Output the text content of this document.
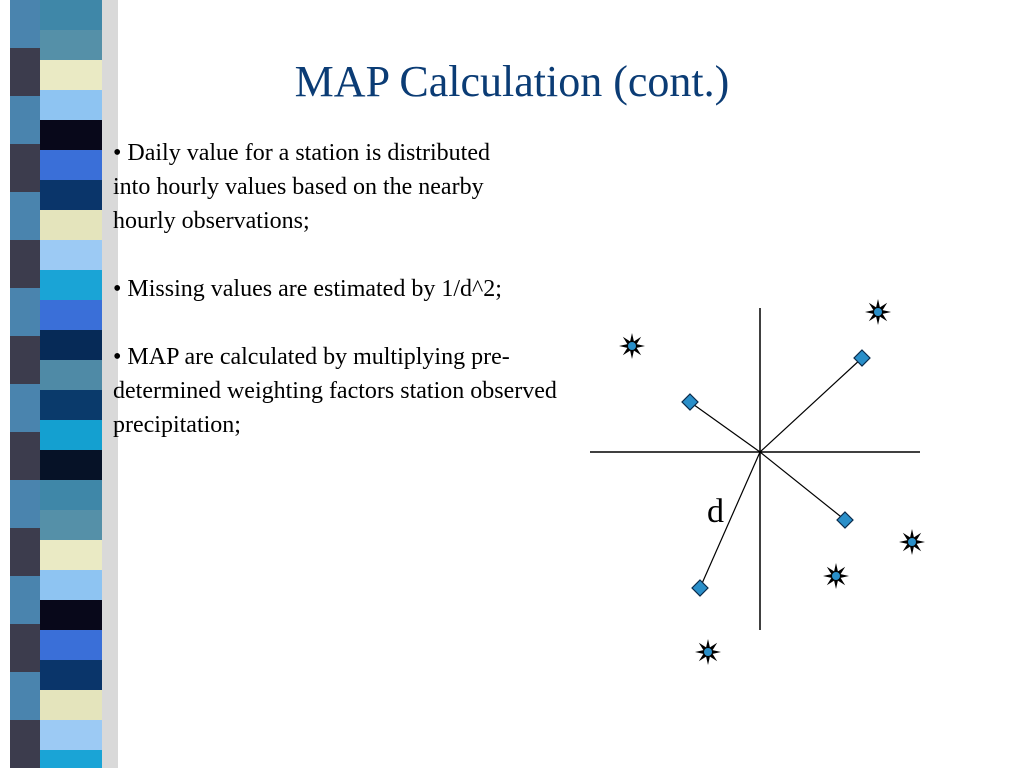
MAP Calculation (cont.)
• Daily value for a station is distributed
into hourly values based on the nearby
hourly observations;
• Missing values are estimated by 1/d^2;
• MAP are calculated by multiplying pre-
determined weighting factors station observed
precipitation;
d
